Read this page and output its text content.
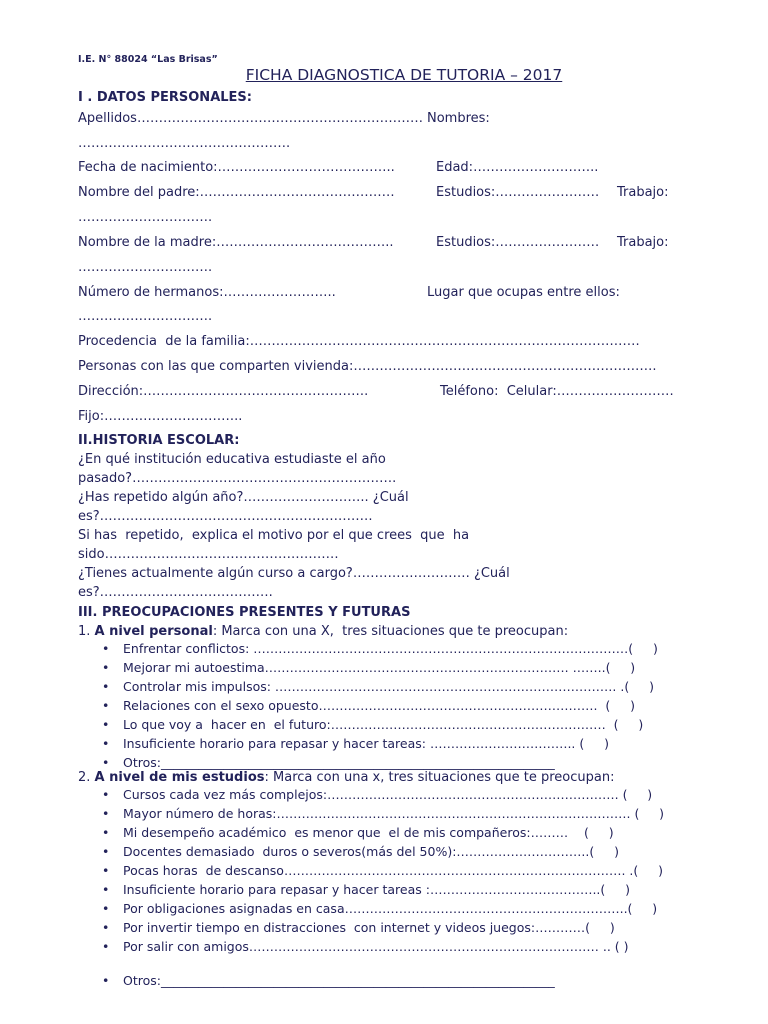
I.E. N° 88024 “Las Brisas”
FICHA DIAGNOSTICA DE TUTORIA – 2017
I . DATOS PERSONALES:
Apellidos………………………………………………………… Nombres:
………………………………………….
Fecha de nacimiento:…………………………………..	Edad:………………………..
Nombre del padre:………………………………………	Estudios:…………………… Trabajo:
………………………….
Nombre de la madre:…………………………………..	Estudios:…………………… Trabajo:
………………………….
Número de hermanos:……………………..	Lugar que ocupas entre ellos:
………………………….
Procedencia  de la familia:………………………………………………………………………………
Personas con las que comparten vivienda:…………………………………………………………….
Dirección:…………………………………………….	Teléfono:  Celular:………………………
Fijo:…………………………..
II.HISTORIA ESCOLAR:
¿En qué institución educativa estudiaste el año
pasado?…………………………………………………….
¿Has repetido algún año?……………………….. ¿Cuál
es?………………………………………………………
Si has  repetido,  explica el motivo por el que crees  que  ha
sido………………………………………………
¿Tienes actualmente algún curso a cargo?……………………… ¿Cuál
es?………………………………….
III. PREOCUPACIONES PRESENTES Y FUTURAS
1. A nivel personal: Marca con una X,  tres situaciones que te preocupan:
• Enfrentar conflictos: ………………………………………………………………………………(     )
• Mejorar mi autoestima………………………………………………………………. ……..(     )
• Controlar mis impulsos: ………………………………………………………………………. .(     )
• Relaciones con el sexo opuesto………………………………………………………….  (     )
• Lo que voy a  hacer en  el futuro:…………………………………………………………  (     )
• Insuficiente horario para repasar y hacer tareas: …………………………….. (     )
• Otros:_______________________________________________________________
2. A nivel de mis estudios: Marca con una x, tres situaciones que te preocupan:
• Cursos cada vez más complejos:……………………………………………………………. (     )
• Mayor número de horas:…………………………………………………………………………. (     )
• Mi desempeño académico  es menor que  el de mis compañeros:………    (     )
• Docentes demasiado  duros o severos(más del 50%):…………………………..(     )
• Pocas horas  de descanso………………………………………………………………………. .(     )
• Insuficiente horario para repasar y hacer tareas :…………………………………..(     )
• Por obligaciones asignadas en casa…………………………………………………………..(     )
• Por invertir tiempo en distracciones  con internet y videos juegos:…………(     )
• Por salir con amigos………………………………………………………………………… .. ( )
• Otros:_______________________________________________________________
